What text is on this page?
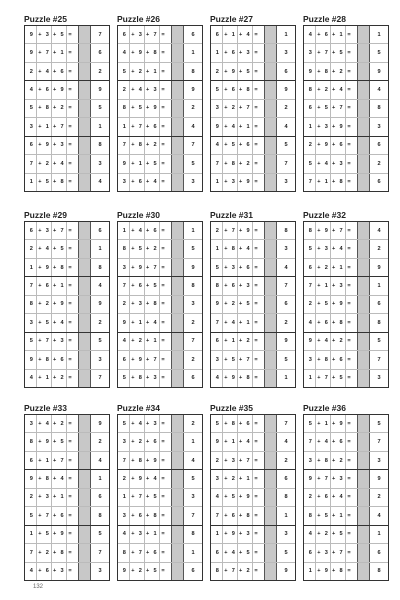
Puzzle #25
9 + 3 + 5 =	7
9 + 7 + 1 =	6
2 + 4 + 6 =	2
4 + 6 + 9 =	9
5 + 8 + 2 =	5
3 + 1 + 7 =	1
6 + 9 + 3 =	8
7 + 2 + 4 =	3
1 + 5 + 8 =	4
Puzzle #26
6 + 3 + 7 =	6
4 + 9 + 8 =	1
5 + 2 + 1 =	8
2 + 4 + 3 =	9
8 + 5 + 9 =	2
1 + 7 + 6 =	4
7 + 8 + 2 =	7
9 + 1 + 5 =	5
3 + 6 + 4 =	3
Puzzle #27
6 + 1 + 4 =	1
1 + 6 + 3 =	3
2 + 9 + 5 =	6
5 + 6 + 8 =	9
3 + 2 + 7 =	2
9 + 4 + 1 =	4
4 + 5 + 6 =	5
7 + 8 + 2 =	7
1 + 3 + 9 =	3
Puzzle #28
4 + 6 + 1 =	1
3 + 7 + 5 =	5
9 + 8 + 2 =	9
8 + 2 + 4 =	4
6 + 5 + 7 =	8
1 + 3 + 9 =	3
2 + 9 + 6 =	6
5 + 4 + 3 =	2
7 + 1 + 8 =	6
Puzzle #29
6 + 3 + 7 =	6
2 + 4 + 5 =	1
1 + 9 + 8 =	8
7 + 6 + 1 =	4
8 + 2 + 9 =	9
3 + 5 + 4 =	2
5 + 7 + 3 =	5
9 + 8 + 6 =	3
4 + 1 + 2 =	7
Puzzle #30
1 + 4 + 6 =	1
8 + 5 + 2 =	5
3 + 9 + 7 =	9
7 + 6 + 5 =	8
2 + 3 + 8 =	3
9 + 1 + 4 =	2
4 + 2 + 1 =	7
6 + 9 + 7 =	2
5 + 8 + 3 =	6
Puzzle #31
2 + 7 + 9 =	8
1 + 8 + 4 =	3
5 + 3 + 6 =	4
8 + 6 + 3 =	7
9 + 2 + 5 =	6
7 + 4 + 1 =	2
6 + 1 + 2 =	9
3 + 5 + 7 =	5
4 + 9 + 8 =	1
Puzzle #32
8 + 9 + 7 =	4
5 + 3 + 4 =	2
6 + 2 + 1 =	9
7 + 1 + 3 =	1
2 + 5 + 9 =	6
4 + 6 + 8 =	8
9 + 4 + 2 =	5
3 + 8 + 6 =	7
1 + 7 + 5 =	3
Puzzle #33
3 + 4 + 2 =	9
8 + 9 + 5 =	2
6 + 1 + 7 =	4
9 + 8 + 4 =	1
2 + 3 + 1 =	6
5 + 7 + 6 =	8
1 + 5 + 9 =	5
7 + 2 + 8 =	7
4 + 6 + 3 =	3
Puzzle #34
5 + 4 + 3 =	2
3 + 2 + 6 =	1
7 + 8 + 9 =	4
2 + 9 + 4 =	5
1 + 7 + 5 =	3
3 + 6 + 8 =	7
4 + 3 + 1 =	8
8 + 7 + 6 =	1
9 + 2 + 5 =	6
Puzzle #35
5 + 8 + 6 =	7
9 + 1 + 4 =	4
2 + 3 + 7 =	2
3 + 2 + 1 =	6
4 + 5 + 9 =	8
7 + 6 + 8 =	1
1 + 9 + 3 =	3
6 + 4 + 5 =	5
8 + 7 + 2 =	9
Puzzle #36
5 + 1 + 9 =	5
7 + 4 + 6 =	7
3 + 8 + 2 =	3
9 + 7 + 3 =	9
2 + 6 + 4 =	2
8 + 5 + 1 =	4
4 + 2 + 5 =	1
6 + 3 + 7 =	6
1 + 9 + 8 =	8
132
